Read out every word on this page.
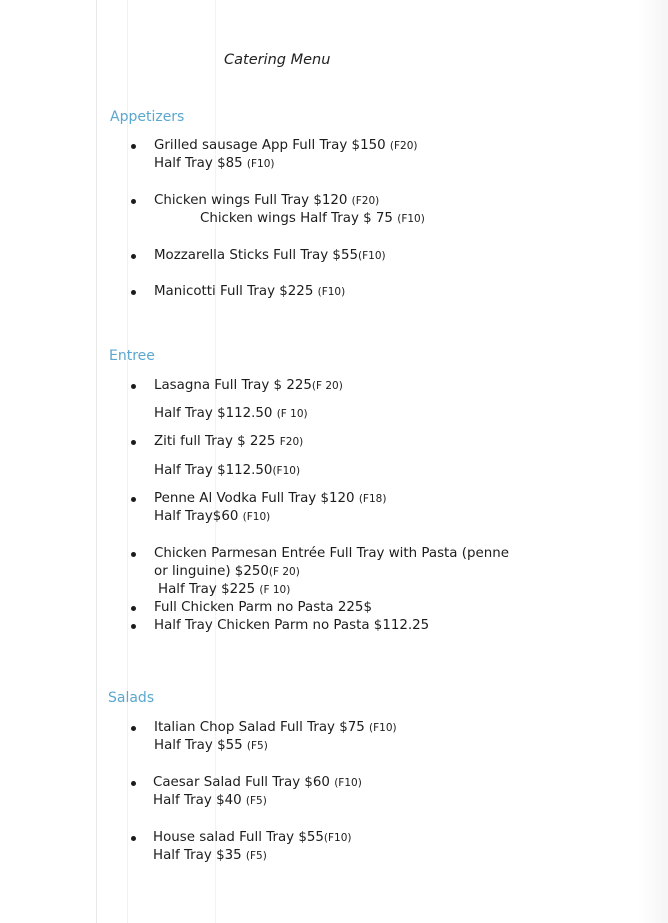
Catering Menu
Appetizers
Grilled sausage App Full Tray $150 (F20)
Half Tray $85 (F10)
Chicken wings Full Tray $120 (F20)
Chicken wings Half Tray $ 75 (F10)
Mozzarella Sticks Full Tray $55(F10)
Manicotti Full Tray $225 (F10)
Entree
Lasagna Full Tray $ 225(F 20)
Half Tray $112.50 (F 10)
Ziti full Tray $ 225 F20)
Half Tray $112.50(F10)
Penne Al Vodka Full Tray $120 (F18)
Half Tray$60 (F10)
Chicken Parmesan Entrée Full Tray with Pasta (penne
or linguine) $250(F 20)
Half Tray $225 (F 10)
Full Chicken Parm no Pasta 225$
Half Tray Chicken Parm no Pasta $112.25
Salads
Italian Chop Salad Full Tray $75 (F10)
Half Tray $55 (F5)
Caesar Salad Full Tray $60 (F10)
Half Tray $40 (F5)
House salad Full Tray $55(F10)
Half Tray $35 (F5)
